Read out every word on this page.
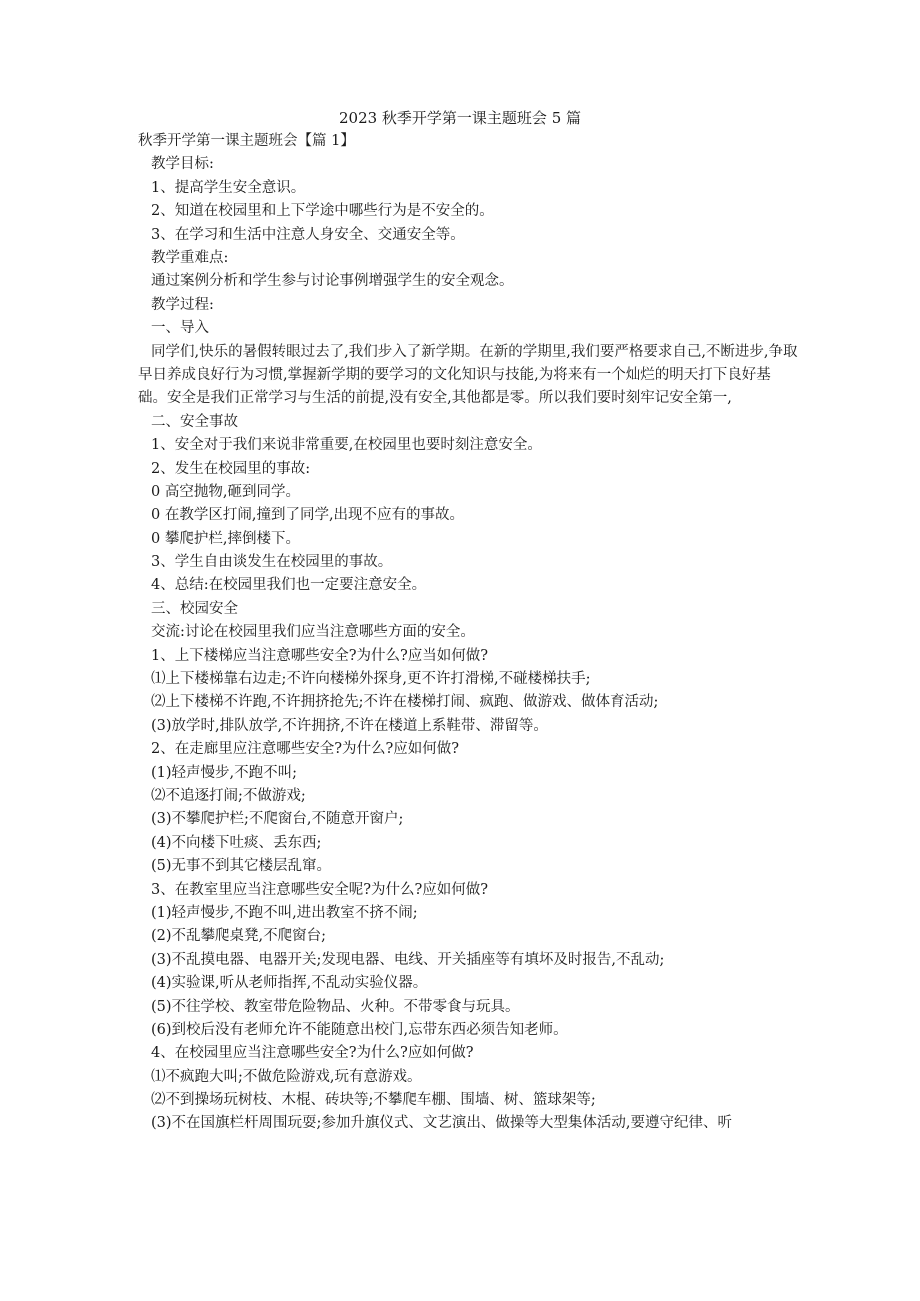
2023 秋季开学第一课主题班会 5 篇

秋季开学第一课主题班会【篇 1】

教学目标:

1、提高学生安全意识。

2、知道在校园里和上下学途中哪些行为是不安全的。

3、在学习和生活中注意人身安全、交通安全等。

教学重难点:

通过案例分析和学生参与讨论事例增强学生的安全观念。

教学过程:

一、导入

同学们,快乐的暑假转眼过去了,我们步入了新学期。在新的学期里,我们要严格要求自己,不断进步,争取早日养成良好行为习惯,掌握新学期的要学习的文化知识与技能,为将来有一个灿烂的明天打下良好基础。安全是我们正常学习与生活的前提,没有安全,其他都是零。所以我们要时刻牢记安全第一,

二、安全事故

1、安全对于我们来说非常重要,在校园里也要时刻注意安全。

2、发生在校园里的事故:

0 高空抛物,砸到同学。

0 在教学区打闹,撞到了同学,出现不应有的事故。

0 攀爬护栏,摔倒楼下。

3、学生自由谈发生在校园里的事故。

4、总结:在校园里我们也一定要注意安全。

三、校园安全

交流:讨论在校园里我们应当注意哪些方面的安全。

1、上下楼梯应当注意哪些安全?为什么?应当如何做?

⑴上下楼梯靠右边走;不许向楼梯外探身,更不许打滑梯,不碰楼梯扶手;

⑵上下楼梯不许跑,不许拥挤抢先;不许在楼梯打闹、疯跑、做游戏、做体育活动;

(3)放学时,排队放学,不许拥挤,不许在楼道上系鞋带、滞留等。

2、在走廊里应注意哪些安全?为什么?应如何做?

(1)轻声慢步,不跑不叫;

⑵不追逐打闹;不做游戏;

(3)不攀爬护栏;不爬窗台,不随意开窗户;

(4)不向楼下吐痰、丢东西;

(5)无事不到其它楼层乱窜。

3、在教室里应当注意哪些安全呢?为什么?应如何做?

(1)轻声慢步,不跑不叫,进出教室不挤不闹;

(2)不乱攀爬桌凳,不爬窗台;

(3)不乱摸电器、电器开关;发现电器、电线、开关插座等有填坏及时报告,不乱动;

(4)实验课,听从老师指挥,不乱动实验仪器。

(5)不往学校、教室带危险物品、火种。不带零食与玩具。

(6)到校后没有老师允许不能随意出校门,忘带东西必须告知老师。

4、在校园里应当注意哪些安全?为什么?应如何做?

⑴不疯跑大叫;不做危险游戏,玩有意游戏。

⑵不到操场玩树枝、木棍、砖块等;不攀爬车棚、围墙、树、篮球架等;

(3)不在国旗栏杆周围玩耍;参加升旗仪式、文艺演出、做操等大型集体活动,要遵守纪律、听
